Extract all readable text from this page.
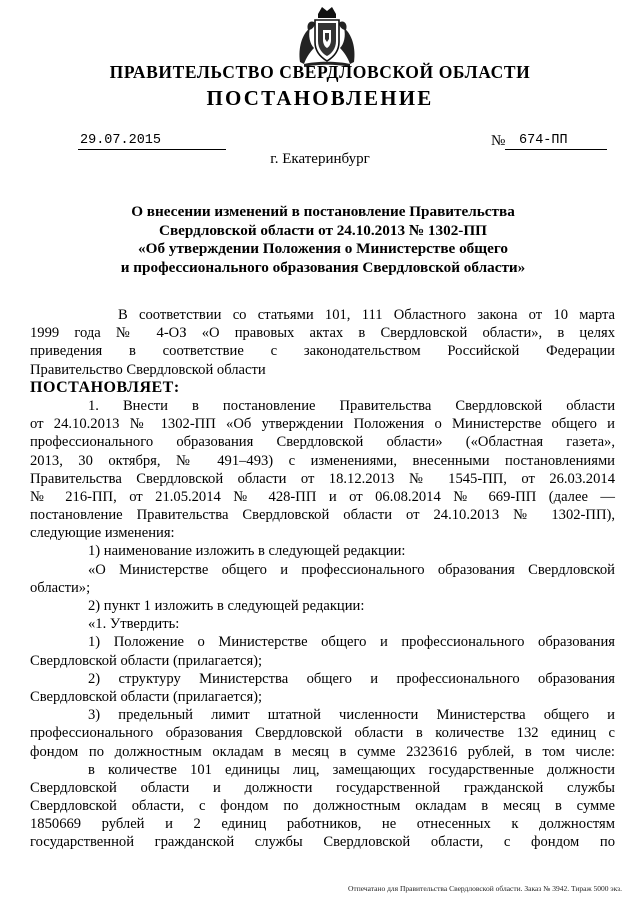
ПРАВИТЕЛЬСТВО СВЕРДЛОВСКОЙ ОБЛАСТИ
ПОСТАНОВЛЕНИЕ
29.07.2015	№	674-ПП
г. Екатеринбург
О внесении изменений в постановление Правительства
Свердловской области от 24.10.2013 № 1302-ПП
«Об утверждении Положения о Министерстве общего
и профессионального образования Свердловской области»
В соответствии со статьями 101, 111 Областного закона от 10 марта
1999 года № 4-ОЗ «О правовых актах в Свердловской области», в целях
приведения в соответствие с законодательством Российской Федерации
Правительство Свердловской области
ПОСТАНОВЛЯЕТ:
1. Внести в постановление Правительства Свердловской области
от 24.10.2013 № 1302-ПП «Об утверждении Положения о Министерстве общего и
профессионального образования Свердловской области» («Областная газета»,
2013, 30 октября, № 491–493) с изменениями, внесенными постановлениями
Правительства Свердловской области от 18.12.2013 № 1545-ПП, от 26.03.2014
№ 216-ПП, от 21.05.2014 № 428-ПП и от 06.08.2014 № 669-ПП (далее —
постановление Правительства Свердловской области от 24.10.2013 № 1302-ПП),
следующие изменения:
1) наименование изложить в следующей редакции:
«О Министерстве общего и профессионального образования Свердловской
области»;
2) пункт 1 изложить в следующей редакции:
«1. Утвердить:
1) Положение о Министерстве общего и профессионального образования
Свердловской области (прилагается);
2) структуру Министерства общего и профессионального образования
Свердловской области (прилагается);
3) предельный лимит штатной численности Министерства общего и
профессионального образования Свердловской области в количестве 132 единиц с
фондом по должностным окладам в месяц в сумме 2323616 рублей, в том числе:
в количестве 101 единицы лиц, замещающих государственные должности
Свердловской области и должности государственной гражданской службы
Свердловской области, с фондом по должностным окладам в месяц в сумме
1850669 рублей и 2 единиц работников, не отнесенных к должностям
государственной гражданской службы Свердловской области, с фондом по
Отпечатано для Правительства Свердловской области. Заказ № 3942. Тираж 5000 экз.
